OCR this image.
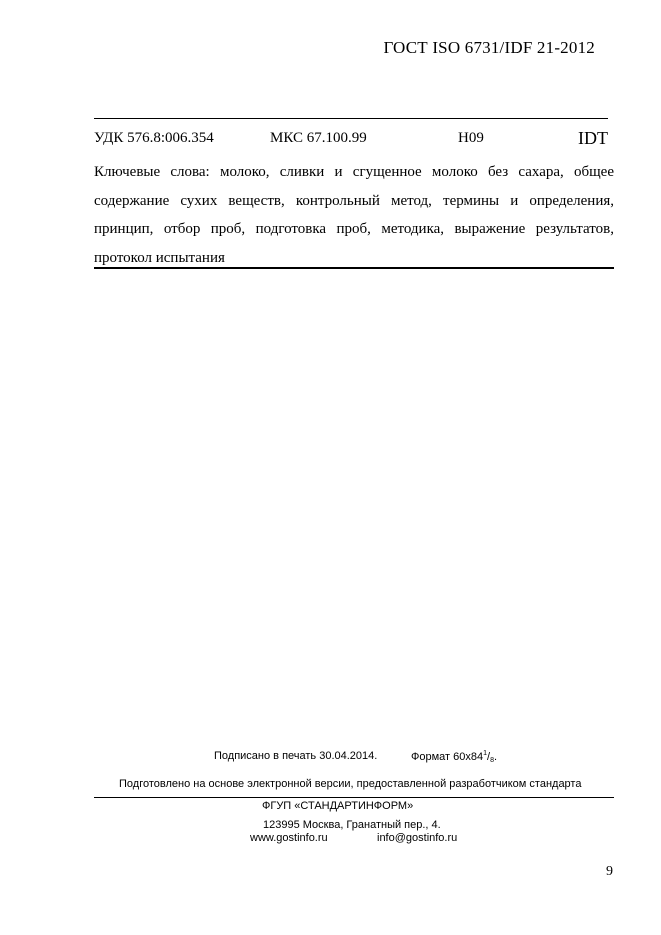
ГОСТ ISO 6731/IDF 21-2012
УДК 576.8:006.354	МКС 67.100.99	Н09	IDT
Ключевые слова: молоко, сливки и сгущенное молоко без сахара, общее содержание сухих веществ, контрольный метод, термины и определения, принцип, отбор проб, подготовка проб, методика, выражение результатов, протокол испытания
Подписано в печать 30.04.2014.	Формат $60х84^1/_8$.
Подготовлено на основе электронной версии, предоставленной разработчиком стандарта
ФГУП «СТАНДАРТИНФОРМ»
123995 Москва, Гранатный пер., 4.
www.gostinfo.ru	info@gostinfo.ru
9
